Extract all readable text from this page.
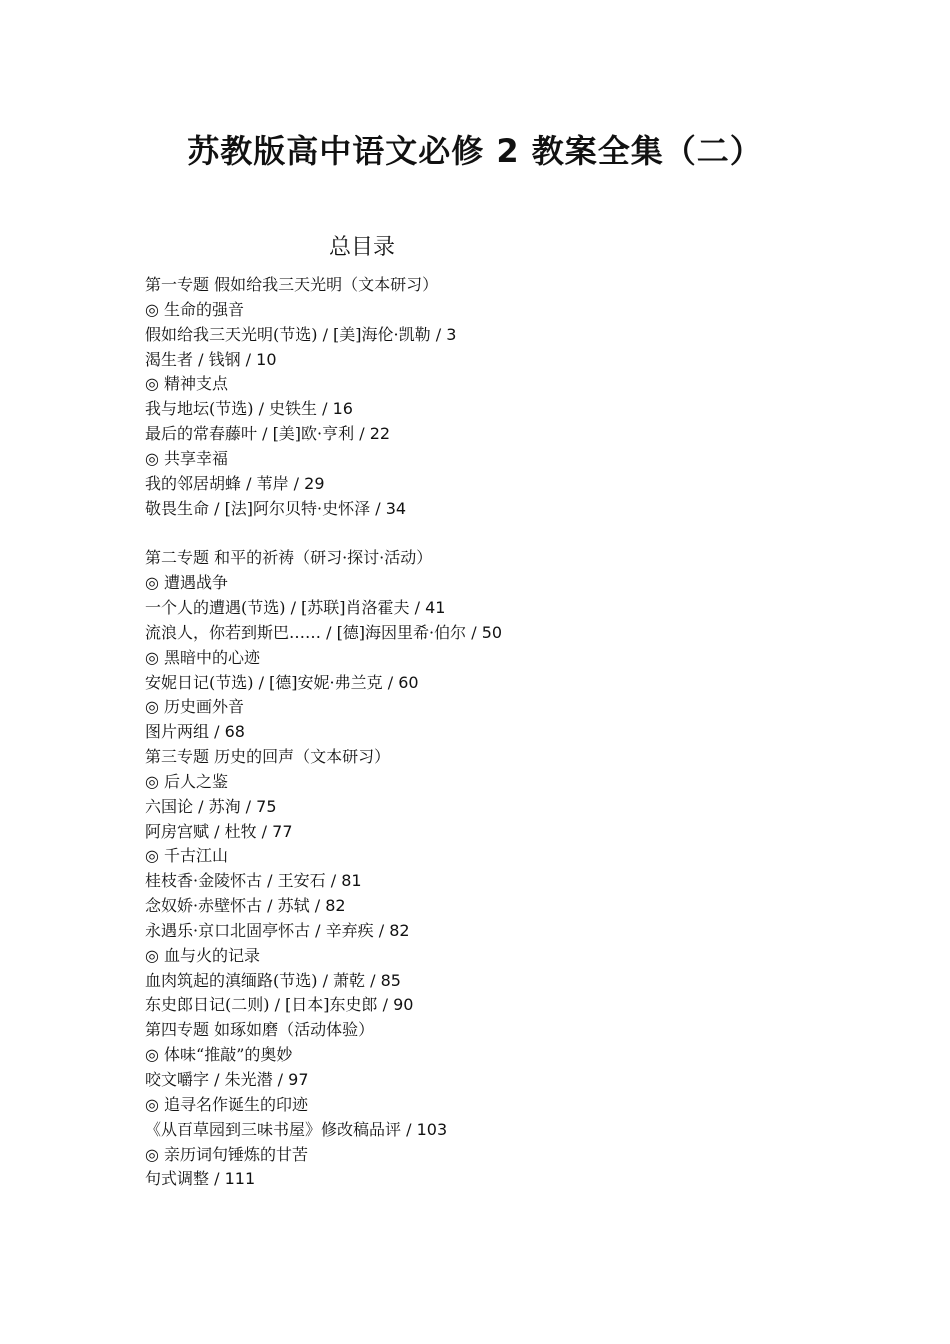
苏教版高中语文必修 2 教案全集（二）
总目录
第一专题 假如给我三天光明（文本研习）
◎ 生命的强音
假如给我三天光明(节选) / [美]海伦·凯勒 / 3
渴生者 / 钱钢 / 10
◎ 精神支点
我与地坛(节选) / 史铁生 / 16
最后的常春藤叶 / [美]欧·亨利 / 22
◎ 共享幸福
我的邻居胡蜂 / 苇岸 / 29
敬畏生命 / [法]阿尔贝特·史怀泽 / 34
第二专题 和平的祈祷（研习·探讨·活动）
◎ 遭遇战争
一个人的遭遇(节选) / [苏联]肖洛霍夫 / 41
流浪人，你若到斯巴…… / [德]海因里希·伯尔 / 50
◎ 黑暗中的心迹
安妮日记(节选) / [德]安妮·弗兰克 / 60
◎ 历史画外音
图片两组 / 68
第三专题 历史的回声（文本研习）
◎ 后人之鉴
六国论 / 苏洵 / 75
阿房宫赋 / 杜牧 / 77
◎ 千古江山
桂枝香·金陵怀古 / 王安石 / 81
念奴娇·赤壁怀古 / 苏轼 / 82
永遇乐·京口北固亭怀古 / 辛弃疾 / 82
◎ 血与火的记录
血肉筑起的滇缅路(节选) / 萧乾 / 85
东史郎日记(二则) / [日本]东史郎 / 90
第四专题 如琢如磨（活动体验）
◎ 体味“推敲”的奥妙
咬文嚼字 / 朱光潜 / 97
◎ 追寻名作诞生的印迹
《从百草园到三味书屋》修改稿品评 / 103
◎ 亲历词句锤炼的甘苦
句式调整 / 111
